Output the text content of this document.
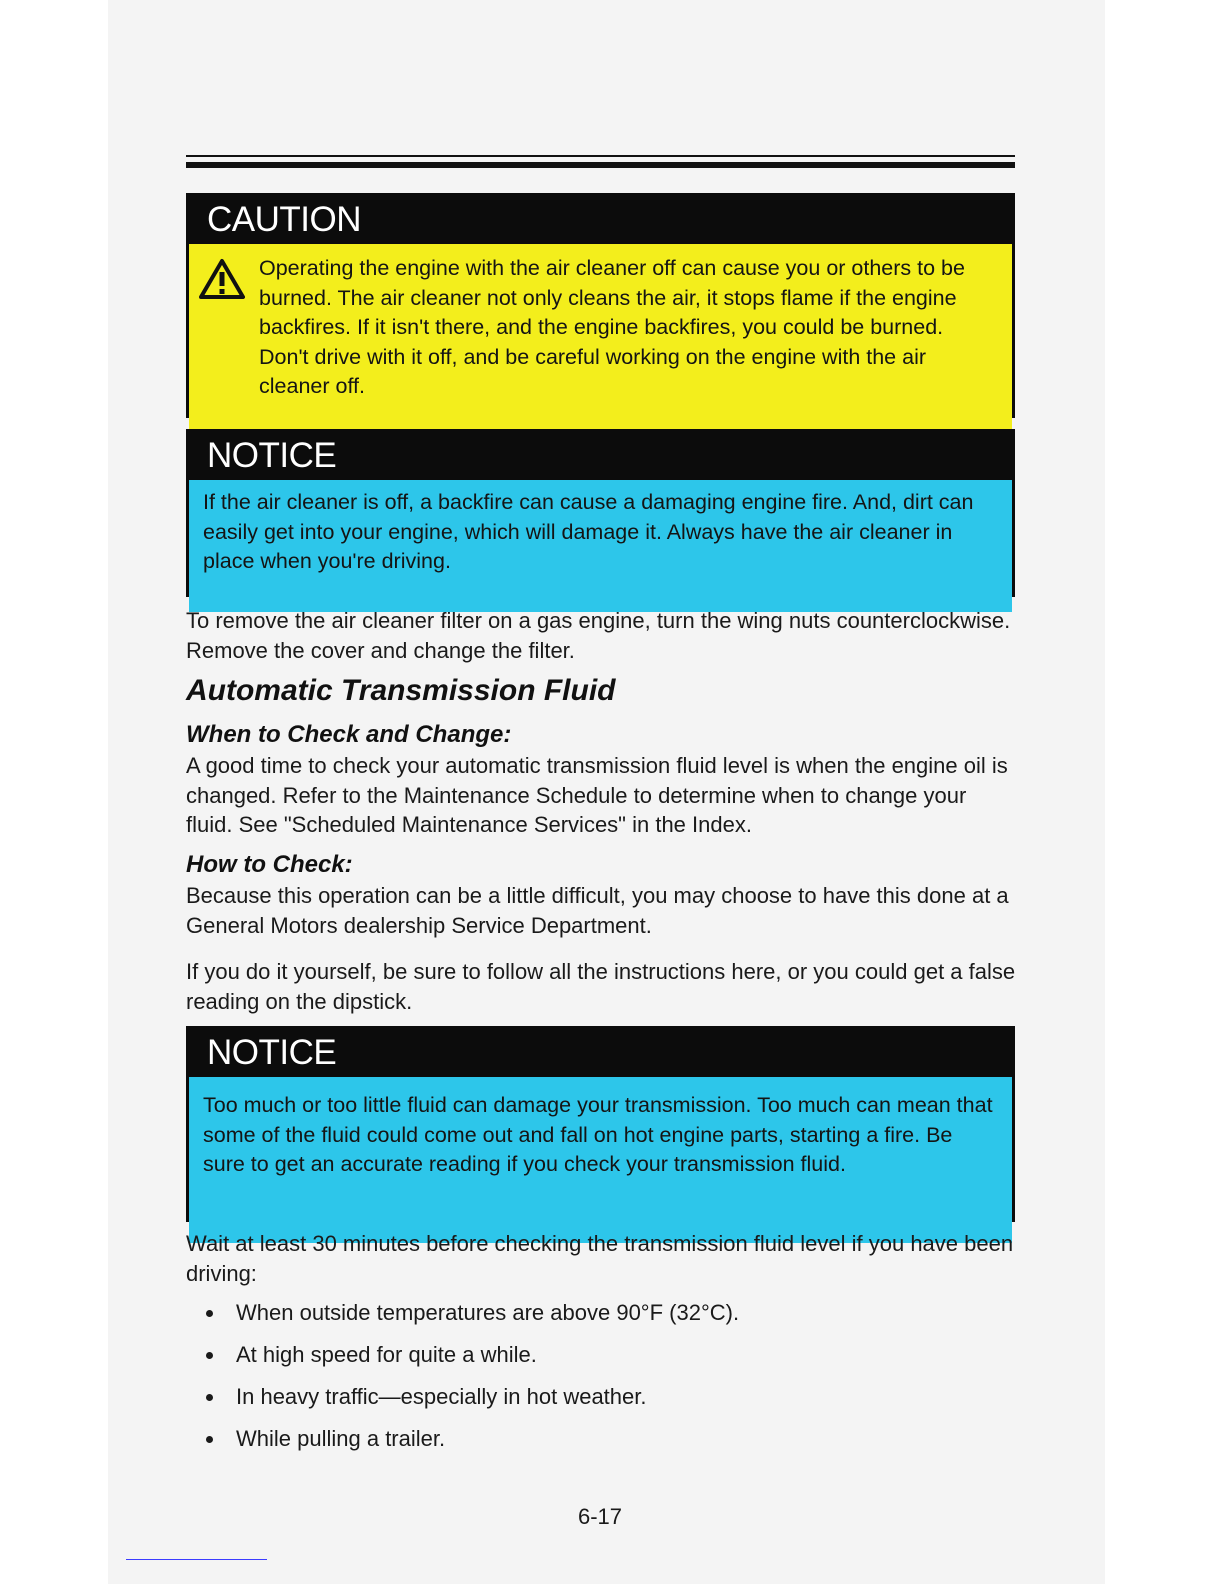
CAUTION
Operating the engine with the air cleaner off can cause you or others to be burned. The air cleaner not only cleans the air, it stops flame if the engine backfires. If it isn't there, and the engine backfires, you could be burned. Don't drive with it off, and be careful working on the engine with the air cleaner off.
NOTICE
If the air cleaner is off, a backfire can cause a damaging engine fire. And, dirt can easily get into your engine, which will damage it. Always have the air cleaner in place when you're driving.
To remove the air cleaner filter on a gas engine, turn the wing nuts counterclockwise. Remove the cover and change the filter.
Automatic Transmission Fluid
When to Check and Change:
A good time to check your automatic transmission fluid level is when the engine oil is changed. Refer to the Maintenance Schedule to determine when to change your fluid. See "Scheduled Maintenance Services" in the Index.
How to Check:
Because this operation can be a little difficult, you may choose to have this done at a General Motors dealership Service Department.
If you do it yourself, be sure to follow all the instructions here, or you could get a false reading on the dipstick.
NOTICE
Too much or too little fluid can damage your transmission. Too much can mean that some of the fluid could come out and fall on hot engine parts, starting a fire. Be sure to get an accurate reading if you check your transmission fluid.
Wait at least 30 minutes before checking the transmission fluid level if you have been driving:
When outside temperatures are above 90°F (32°C).
At high speed for quite a while.
In heavy traffic—especially in hot weather.
While pulling a trailer.
6-17
